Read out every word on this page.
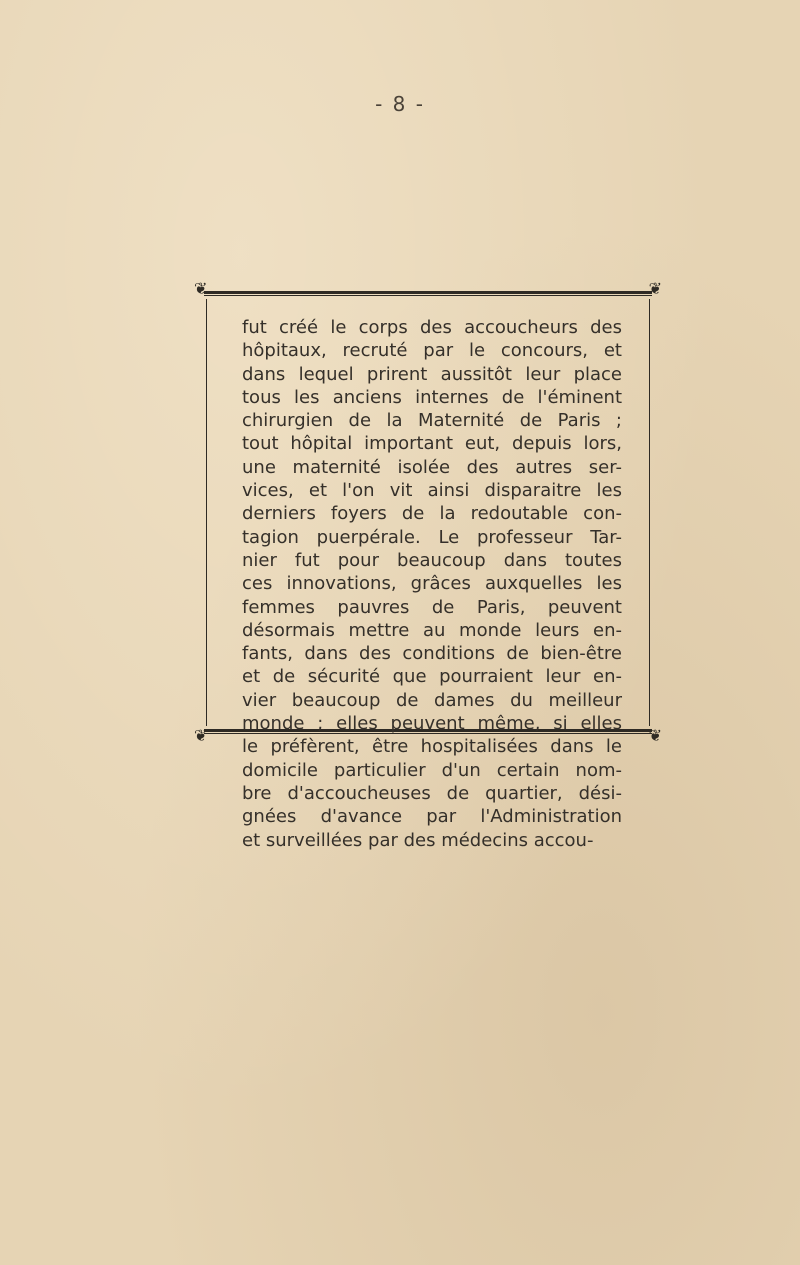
- 8 -
❦	❦
❦	❦
fut créé le corps des accoucheurs des
hôpitaux, recruté par le concours, et
dans lequel prirent aussitôt leur place
tous les anciens internes de l'éminent
chirurgien de la Maternité de Paris ;
tout hôpital important eut, depuis lors,
une maternité isolée des autres ser-
vices, et l'on vit ainsi disparaitre les
derniers foyers de la redoutable con-
tagion puerpérale. Le professeur Tar-
nier fut pour beaucoup dans toutes
ces innovations, grâces auxquelles les
femmes pauvres de Paris, peuvent
désormais mettre au monde leurs en-
fants, dans des conditions de bien-être
et de sécurité que pourraient leur en-
vier beaucoup de dames du meilleur
monde ; elles peuvent même, si elles
le préfèrent, être hospitalisées dans le
domicile particulier d'un certain nom-
bre d'accoucheuses de quartier, dési-
gnées d'avance par l'Administration
et surveillées par des médecins accou-
